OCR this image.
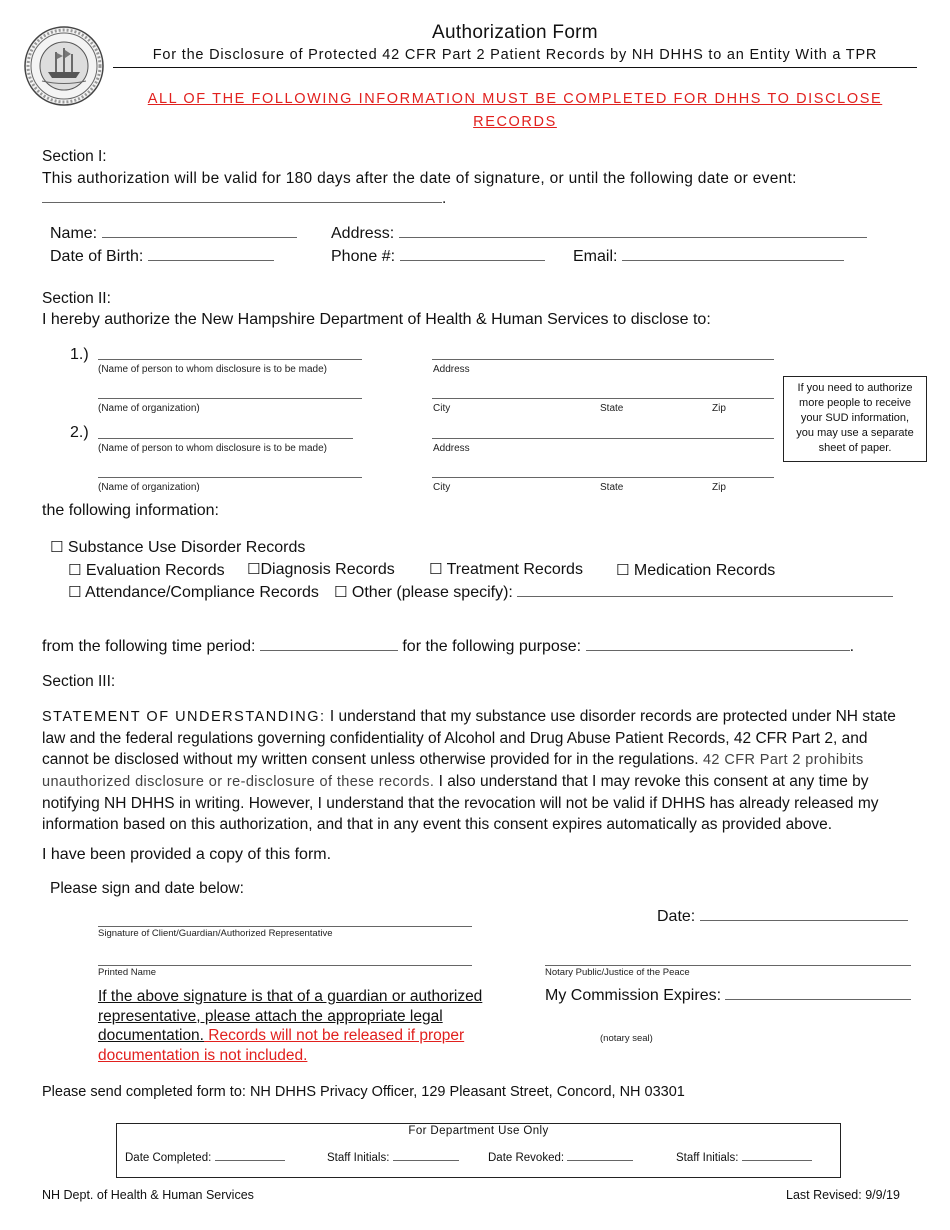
Authorization Form
For the Disclosure of Protected 42 CFR Part 2 Patient Records by NH DHHS to an Entity With a TPR
ALL OF THE FOLLOWING INFORMATION MUST BE COMPLETED FOR DHHS TO DISCLOSE
RECORDS
Section I:
This authorization will be valid for 180 days after the date of signature, or until the following date or event:
.
Name:	Address:
Date of Birth:	Phone #:	Email:
Section II:
I hereby authorize the New Hampshire Department of Health & Human Services to disclose to:
1.)
(Name of person to whom disclosure is to be made)	Address
(Name of organization)	City	State	Zip
2.)
(Name of person to whom disclosure is to be made)	Address
(Name of organization)	City	State	Zip
If you need to authorize
more people to receive
your SUD information,
you may use a separate
sheet of paper.
the following information:
☐ Substance Use Disorder Records
☐ Evaluation Records ☐Diagnosis Records ☐ Treatment Records ☐ Medication Records
☐ Attendance/Compliance Records ☐ Other (please specify):
from the following time period:	for the following purpose:	.
Section III:
STATEMENT OF UNDERSTANDING: I understand that my substance use disorder records are protected under NH state law and the federal regulations governing confidentiality of Alcohol and Drug Abuse Patient Records, 42 CFR Part 2, and cannot be disclosed without my written consent unless otherwise provided for in the regulations. 42 CFR Part 2 prohibits unauthorized disclosure or re-disclosure of these records. I also understand that I may revoke this consent at any time by notifying NH DHHS in writing. However, I understand that the revocation will not be valid if DHHS has already released my information based on this authorization, and that in any event this consent expires automatically as provided above.
I have been provided a copy of this form.
Please sign and date below:
Signature of Client/Guardian/Authorized Representative
Date:
Printed Name	Notary Public/Justice of the Peace
If the above signature is that of a guardian or authorized representative, please attach the appropriate legal documentation. Records will not be released if proper documentation is not included.
My Commission Expires:
(notary seal)
Please send completed form to: NH DHHS Privacy Officer, 129 Pleasant Street, Concord, NH 03301
For Department Use Only
Date Completed:	Staff Initials:	Date Revoked:	Staff Initials:
NH Dept. of Health & Human Services	Last Revised: 9/9/19
